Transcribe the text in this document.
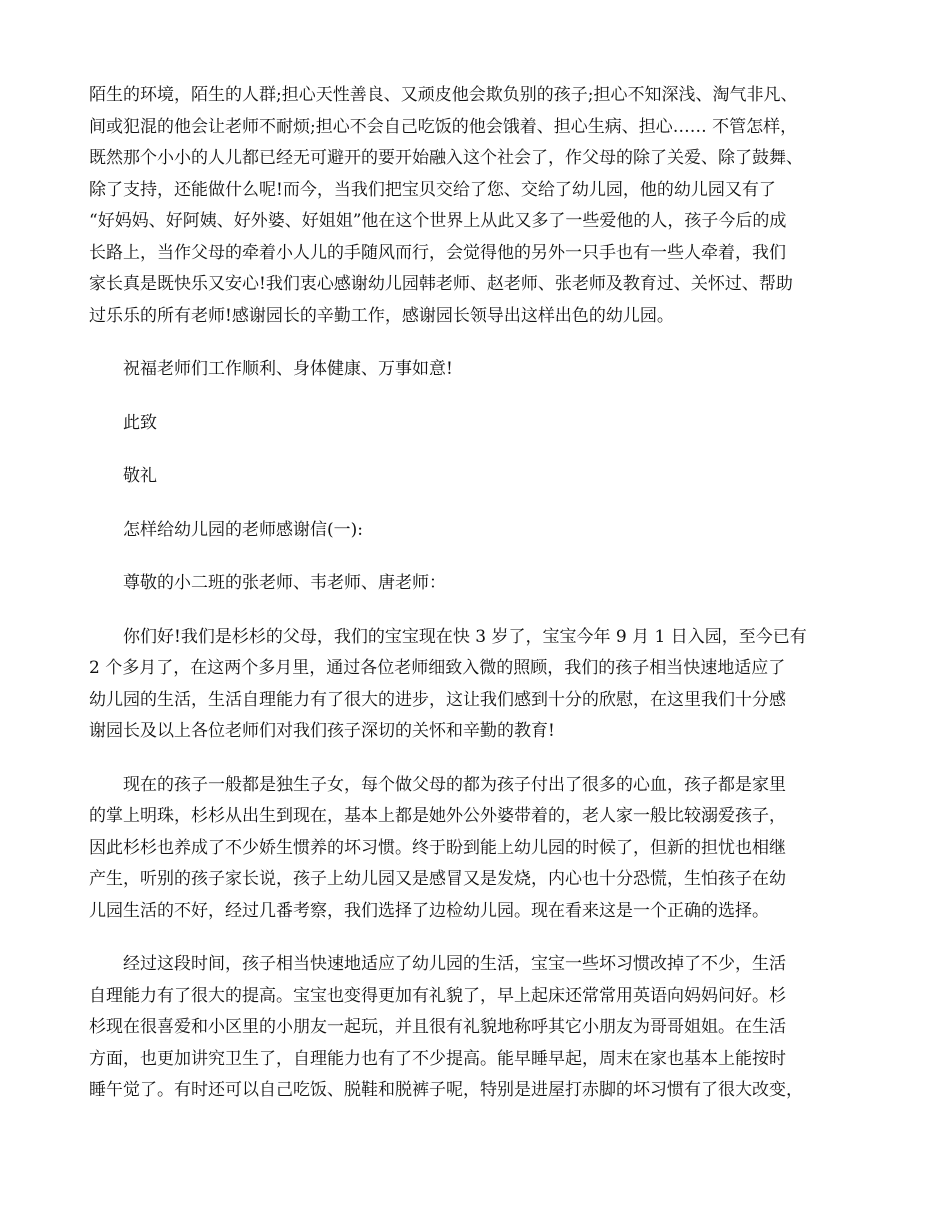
陌生的环境，陌生的人群;担心天性善良、又顽皮他会欺负别的孩子;担心不知深浅、淘气非凡、
间或犯混的他会让老师不耐烦;担心不会自己吃饭的他会饿着、担心生病、担心…… 不管怎样，
既然那个小小的人儿都已经无可避开的要开始融入这个社会了，作父母的除了关爱、除了鼓舞、
除了支持，还能做什么呢!而今，当我们把宝贝交给了您、交给了幼儿园，他的幼儿园又有了
“好妈妈、好阿姨、好外婆、好姐姐”他在这个世界上从此又多了一些爱他的人，孩子今后的成
长路上，当作父母的牵着小人儿的手随风而行，会觉得他的另外一只手也有一些人牵着，我们
家长真是既快乐又安心!我们衷心感谢幼儿园韩老师、赵老师、张老师及教育过、关怀过、帮助
过乐乐的所有老师!感谢园长的辛勤工作，感谢园长领导出这样出色的幼儿园。
祝福老师们工作顺利、身体健康、万事如意!
此致
敬礼
怎样给幼儿园的老师感谢信(一):
尊敬的小二班的张老师、韦老师、唐老师：
你们好!我们是杉杉的父母，我们的宝宝现在快 3 岁了，宝宝今年 9 月 1 日入园，至今已有
2 个多月了，在这两个多月里，通过各位老师细致入微的照顾，我们的孩子相当快速地适应了
幼儿园的生活，生活自理能力有了很大的进步，这让我们感到十分的欣慰，在这里我们十分感
谢园长及以上各位老师们对我们孩子深切的关怀和辛勤的教育!
现在的孩子一般都是独生子女，每个做父母的都为孩子付出了很多的心血，孩子都是家里
的掌上明珠，杉杉从出生到现在，基本上都是她外公外婆带着的，老人家一般比较溺爱孩子，
因此杉杉也养成了不少娇生惯养的坏习惯。终于盼到能上幼儿园的时候了，但新的担忧也相继
产生，听别的孩子家长说，孩子上幼儿园又是感冒又是发烧，内心也十分恐慌，生怕孩子在幼
儿园生活的不好，经过几番考察，我们选择了边检幼儿园。现在看来这是一个正确的选择。
经过这段时间，孩子相当快速地适应了幼儿园的生活，宝宝一些坏习惯改掉了不少，生活
自理能力有了很大的提高。宝宝也变得更加有礼貌了，早上起床还常常用英语向妈妈问好。杉
杉现在很喜爱和小区里的小朋友一起玩，并且很有礼貌地称呼其它小朋友为哥哥姐姐。在生活
方面，也更加讲究卫生了，自理能力也有了不少提高。能早睡早起，周末在家也基本上能按时
睡午觉了。有时还可以自己吃饭、脱鞋和脱裤子呢，特别是进屋打赤脚的坏习惯有了很大改变，
